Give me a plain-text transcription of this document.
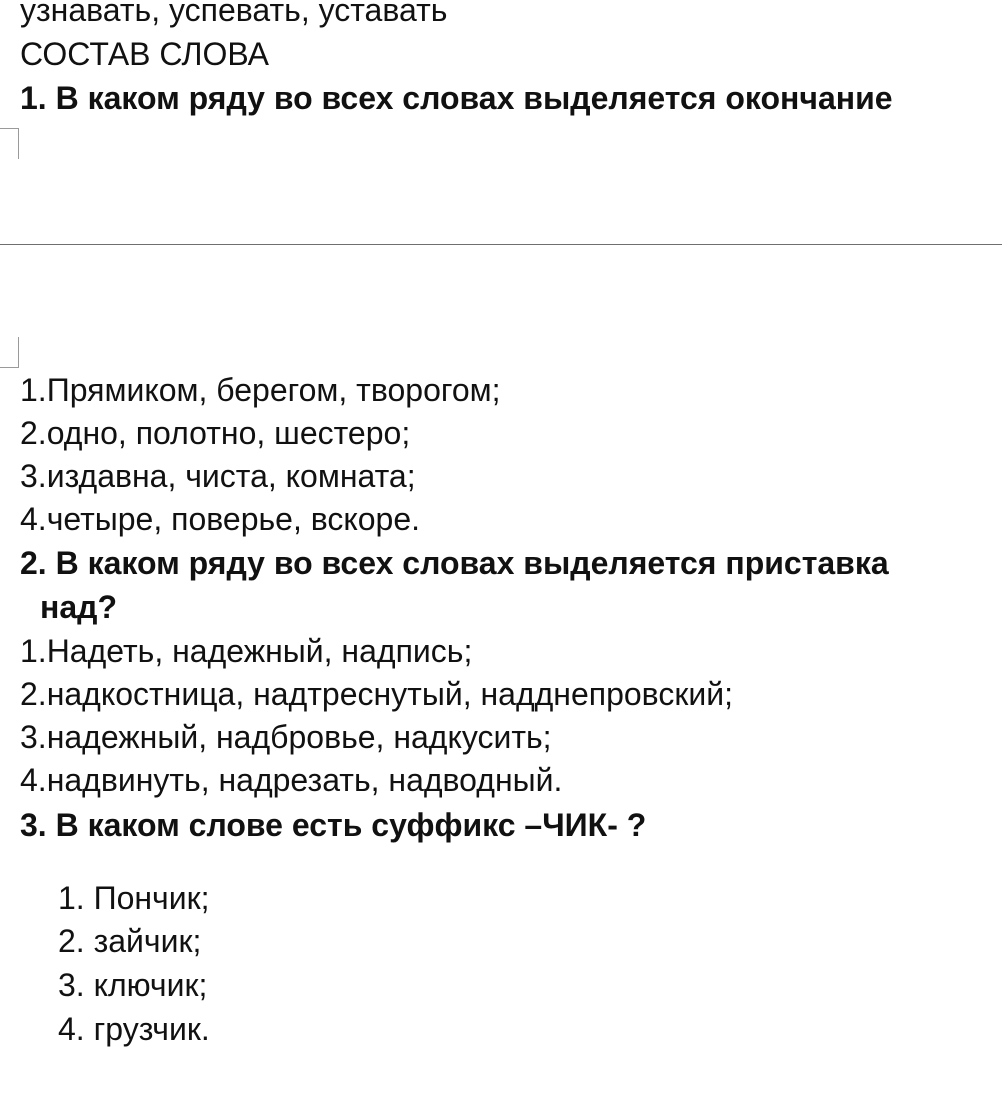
узнавать, успевать, уставать
СОСТАВ СЛОВА
1. В каком ряду во всех словах выделяется окончание
1.Прямиком, берегом, творогом;
2.одно, полотно, шестеро;
3.издавна, чиста, комната;
4.четыре, поверье, вскоре.
2. В каком ряду во всех словах выделяется приставка
над?
1.Надеть, надежный, надпись;
2.надкостница, надтреснутый, надднепровский;
3.надежный, надбровье, надкусить;
4.надвинуть, надрезать, надводный.
3. В каком слове есть суффикс –ЧИК- ?
1. Пончик;
2. зайчик;
3. ключик;
4. грузчик.
